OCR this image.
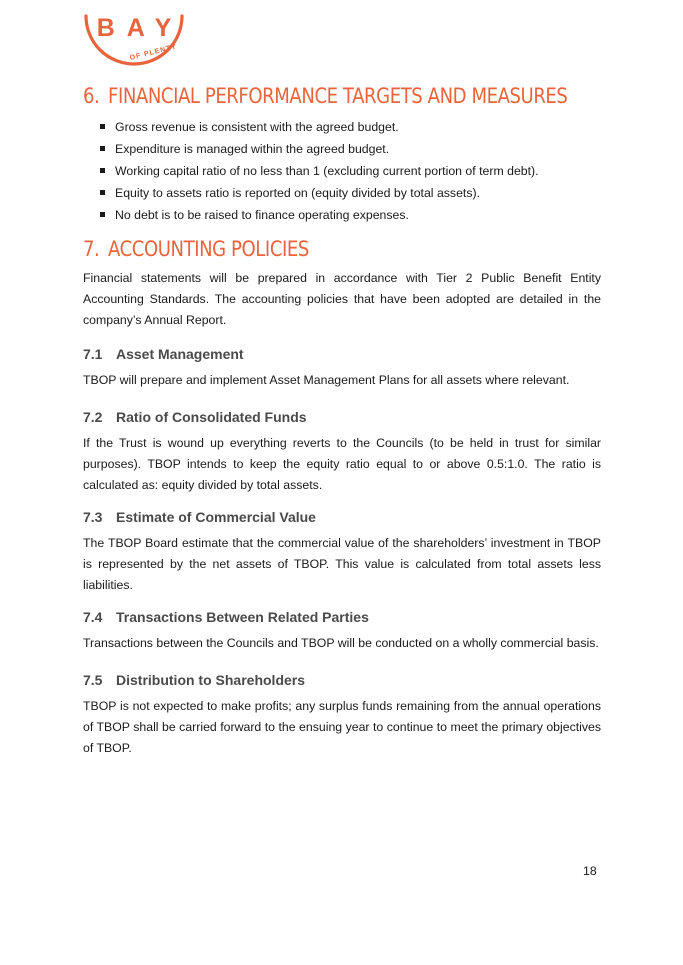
BAY
OF PLENTY
6. FINANCIAL PERFORMANCE TARGETS AND MEASURES
Gross revenue is consistent with the agreed budget.
Expenditure is managed within the agreed budget.
Working capital ratio of no less than 1 (excluding current portion of term debt).
Equity to assets ratio is reported on (equity divided by total assets).
No debt is to be raised to finance operating expenses.
7. ACCOUNTING POLICIES
Financial statements will be prepared in accordance with Tier 2 Public Benefit Entity Accounting Standards. The accounting policies that have been adopted are detailed in the company’s Annual Report.
7.1 Asset Management
TBOP will prepare and implement Asset Management Plans for all assets where relevant.
7.2 Ratio of Consolidated Funds
If the Trust is wound up everything reverts to the Councils (to be held in trust for similar purposes). TBOP intends to keep the equity ratio equal to or above 0.5:1.0. The ratio is calculated as: equity divided by total assets.
7.3 Estimate of Commercial Value
The TBOP Board estimate that the commercial value of the shareholders’ investment in TBOP is represented by the net assets of TBOP. This value is calculated from total assets less liabilities.
7.4 Transactions Between Related Parties
Transactions between the Councils and TBOP will be conducted on a wholly commercial basis.
7.5 Distribution to Shareholders
TBOP is not expected to make profits; any surplus funds remaining from the annual operations of TBOP shall be carried forward to the ensuing year to continue to meet the primary objectives of TBOP.
18
